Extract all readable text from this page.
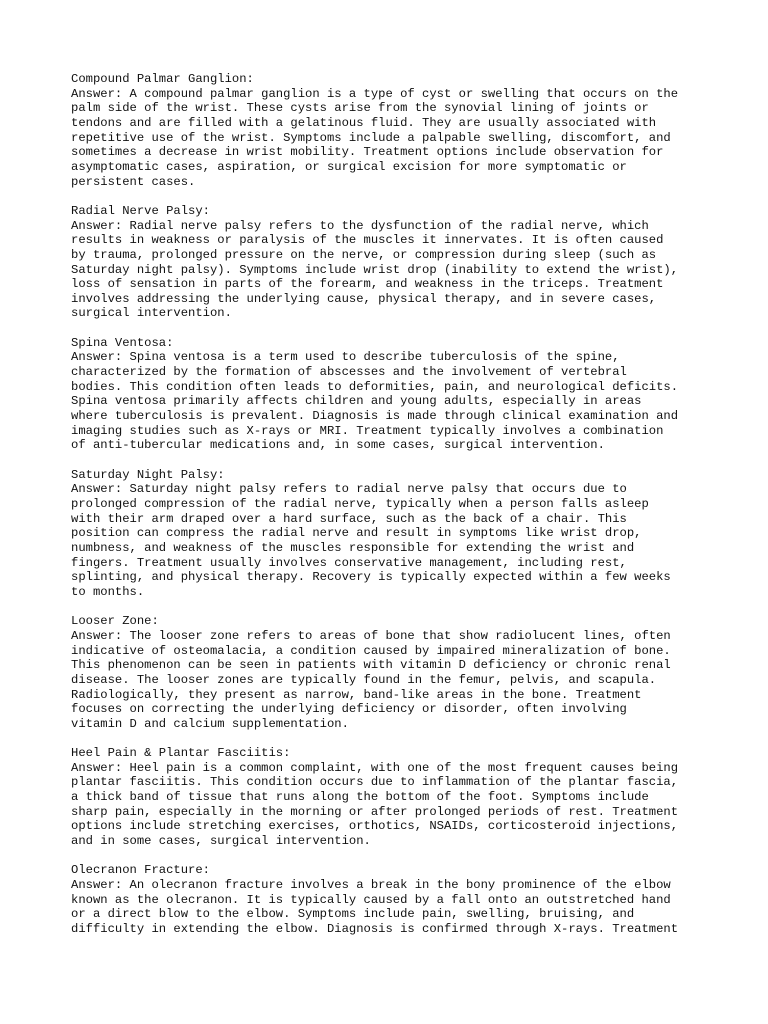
Compound Palmar Ganglion:
Answer: A compound palmar ganglion is a type of cyst or swelling that occurs on the
palm side of the wrist. These cysts arise from the synovial lining of joints or
tendons and are filled with a gelatinous fluid. They are usually associated with
repetitive use of the wrist. Symptoms include a palpable swelling, discomfort, and
sometimes a decrease in wrist mobility. Treatment options include observation for
asymptomatic cases, aspiration, or surgical excision for more symptomatic or
persistent cases.
Radial Nerve Palsy:
Answer: Radial nerve palsy refers to the dysfunction of the radial nerve, which
results in weakness or paralysis of the muscles it innervates. It is often caused
by trauma, prolonged pressure on the nerve, or compression during sleep (such as
Saturday night palsy). Symptoms include wrist drop (inability to extend the wrist),
loss of sensation in parts of the forearm, and weakness in the triceps. Treatment
involves addressing the underlying cause, physical therapy, and in severe cases,
surgical intervention.
Spina Ventosa:
Answer: Spina ventosa is a term used to describe tuberculosis of the spine,
characterized by the formation of abscesses and the involvement of vertebral
bodies. This condition often leads to deformities, pain, and neurological deficits.
Spina ventosa primarily affects children and young adults, especially in areas
where tuberculosis is prevalent. Diagnosis is made through clinical examination and
imaging studies such as X-rays or MRI. Treatment typically involves a combination
of anti-tubercular medications and, in some cases, surgical intervention.
Saturday Night Palsy:
Answer: Saturday night palsy refers to radial nerve palsy that occurs due to
prolonged compression of the radial nerve, typically when a person falls asleep
with their arm draped over a hard surface, such as the back of a chair. This
position can compress the radial nerve and result in symptoms like wrist drop,
numbness, and weakness of the muscles responsible for extending the wrist and
fingers. Treatment usually involves conservative management, including rest,
splinting, and physical therapy. Recovery is typically expected within a few weeks
to months.
Looser Zone:
Answer: The looser zone refers to areas of bone that show radiolucent lines, often
indicative of osteomalacia, a condition caused by impaired mineralization of bone.
This phenomenon can be seen in patients with vitamin D deficiency or chronic renal
disease. The looser zones are typically found in the femur, pelvis, and scapula.
Radiologically, they present as narrow, band-like areas in the bone. Treatment
focuses on correcting the underlying deficiency or disorder, often involving
vitamin D and calcium supplementation.
Heel Pain & Plantar Fasciitis:
Answer: Heel pain is a common complaint, with one of the most frequent causes being
plantar fasciitis. This condition occurs due to inflammation of the plantar fascia,
a thick band of tissue that runs along the bottom of the foot. Symptoms include
sharp pain, especially in the morning or after prolonged periods of rest. Treatment
options include stretching exercises, orthotics, NSAIDs, corticosteroid injections,
and in some cases, surgical intervention.
Olecranon Fracture:
Answer: An olecranon fracture involves a break in the bony prominence of the elbow
known as the olecranon. It is typically caused by a fall onto an outstretched hand
or a direct blow to the elbow. Symptoms include pain, swelling, bruising, and
difficulty in extending the elbow. Diagnosis is confirmed through X-rays. Treatment
